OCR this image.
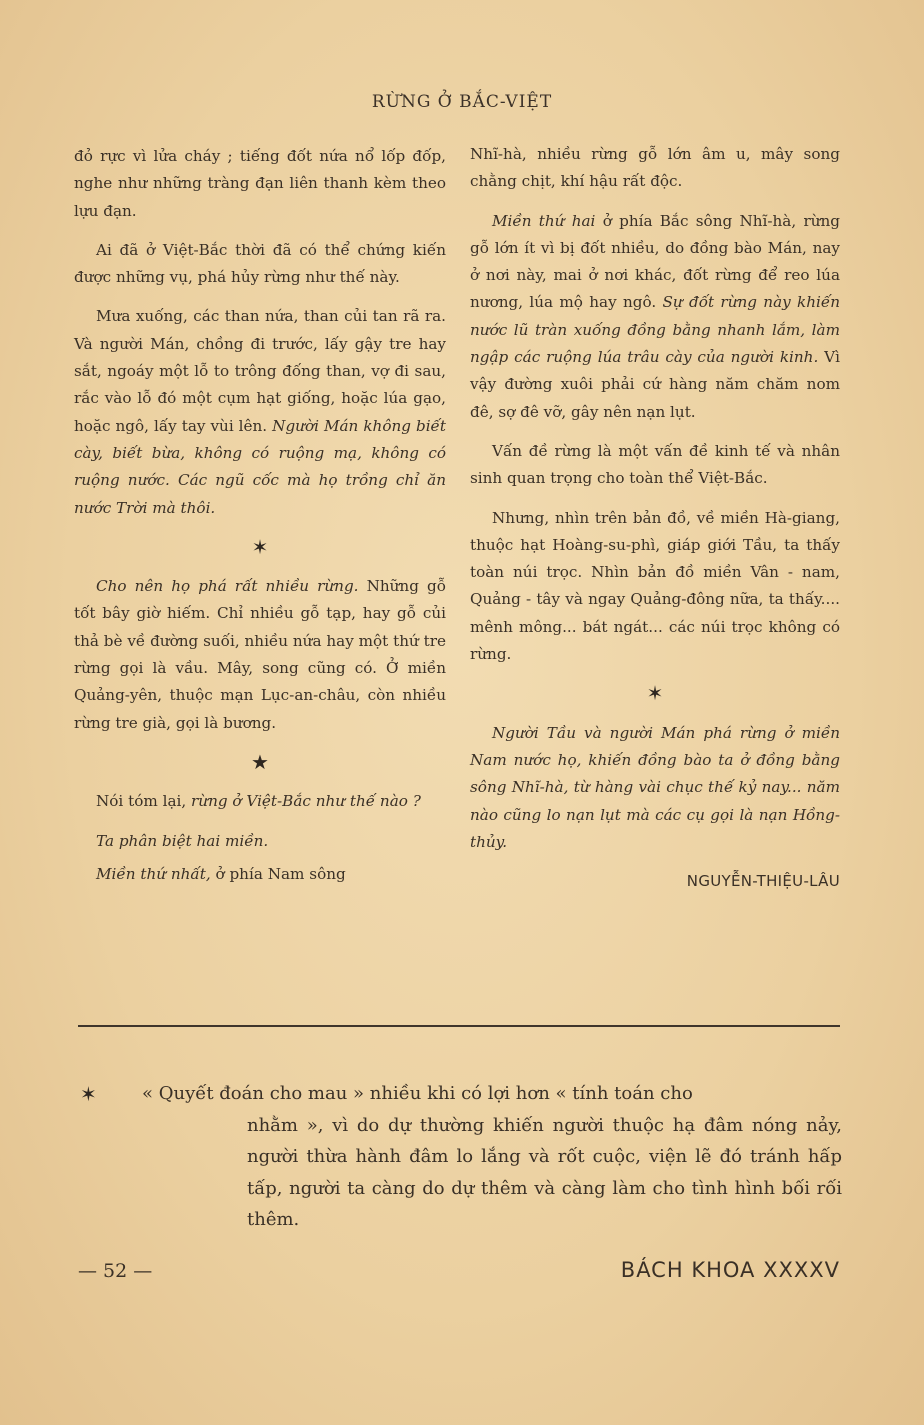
RỪNG Ở BẮC-VIỆT

đỏ rực vì lửa cháy ; tiếng đốt nứa nổ lốp đốp, nghe như những tràng đạn liên thanh kèm theo lựu đạn.

Ai đã ở Việt-Bắc thời đã có thể chứng kiến được những vụ, phá hủy rừng như thế này.

Mưa xuống, các than nứa, than củi tan rã ra. Và người Mán, chồng đi trước, lấy gậy tre hay sắt, ngoáy một lỗ to trông đống than, vợ đi sau, rắc vào lỗ đó một cụm hạt giống, hoặc lúa gạo, hoặc ngô, lấy tay vùi lên. Người Mán không biết cày, biết bừa, không có ruộng mạ, không có ruộng nước. Các ngũ cốc mà họ trồng chỉ ăn nước Trời mà thôi.

✶

Cho nên họ phá rất nhiều rừng. Những gỗ tốt bây giờ hiếm. Chỉ nhiều gỗ tạp, hay gỗ củi thả bè về đường suối, nhiều nứa hay một thứ tre rừng gọi là vầu. Mây, song cũng có. Ở miền Quảng-yên, thuộc mạn Lục-an-châu, còn nhiều rừng tre già, gọi là bương.

★

Nói tóm lại, rừng ở Việt-Bắc như thế nào ?

Ta phân biệt hai miền.

Miền thứ nhất, ở phía Nam sông

Nhĩ-hà, nhiều rừng gỗ lớn âm u, mây song chằng chịt, khí hậu rất độc.

Miền thứ hai ở phía Bắc sông Nhĩ-hà, rừng gỗ lớn ít vì bị đốt nhiều, do đồng bào Mán, nay ở nơi này, mai ở nơi khác, đốt rừng để reo lúa nương, lúa mộ hay ngô. Sự đốt rừng này khiến nước lũ tràn xuống đồng bằng nhanh lắm, làm ngập các ruộng lúa trâu cày của người kinh. Vì vậy đường xuôi phải cứ hàng năm chăm nom đê, sợ đê vỡ, gây nên nạn lụt.

Vấn đề rừng là một vấn đề kinh tế và nhân sinh quan trọng cho toàn thể Việt-Bắc.

Nhưng, nhìn trên bản đồ, về miền Hà-giang, thuộc hạt Hoàng-su-phì, giáp giới Tầu, ta thấy toàn núi trọc. Nhìn bản đồ miền Vân - nam, Quảng - tây và ngay Quảng-đông nữa, ta thấy.... mênh mông... bát ngát... các núi trọc không có rừng.

✶

Người Tầu và người Mán phá rừng ở miền Nam nước họ, khiến đồng bào ta ở đồng bằng sông Nhĩ-hà, từ hàng vài chục thế kỷ nay... năm nào cũng lo nạn lụt mà các cụ gọi là nạn Hồng-thủy.

NGUYỄN-THIỆU-LÂU
✶	« Quyết đoán cho mau » nhiều khi có lợi hơn « tính toán cho
nhằm », vì do dự thường khiến người thuộc hạ đâm nóng nảy, người thừa hành đâm lo lắng và rốt cuộc, viện lẽ đó tránh hấp tấp, người ta càng do dự thêm và càng làm cho tình hình bối rối thêm.
— 52 —	BÁCH KHOA XXXXV
